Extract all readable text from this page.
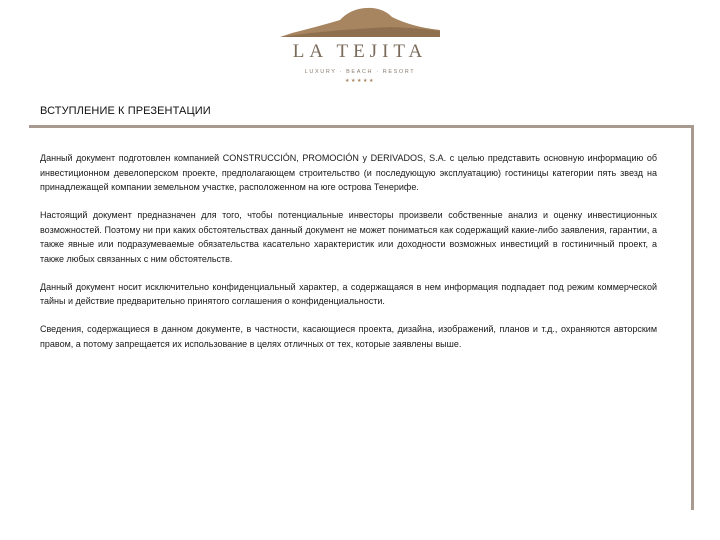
LA TEJITA
LUXURY · BEACH · RESORT
★★★★★
ВСТУПЛЕНИЕ К ПРЕЗЕНТАЦИИ

Данный документ подготовлен компанией CONSTRUCCIÓN, PROMOCIÓN y DERIVADOS, S.A. с целью представить основную информацию об инвестиционном девелоперском проекте, предполагающем строительство (и последующую эксплуатацию) гостиницы категории пять звезд на принадлежащей компании земельном участке, расположенном на юге острова Тенерифе.

Настоящий документ предназначен для того, чтобы потенциальные инвесторы произвели собственные анализ и оценку инвестиционных возможностей. Поэтому ни при каких обстоятельствах данный документ не может пониматься как содержащий какие-либо заявления, гарантии, а также явные или подразумеваемые обязательства касательно характеристик или доходности возможных инвестиций в гостиничный проект, а также любых связанных с ним обстоятельств.

Данный документ носит исключительно конфиденциальный характер, а содержащаяся в нем информация подпадает под режим коммерческой тайны и действие предварительно принятого соглашения о конфиденциальности.

Сведения, содержащиеся в данном документе, в частности, касающиеся проекта, дизайна, изображений, планов и т.д., охраняются авторским правом, а потому запрещается их использование в целях отличных от тех, которые заявлены выше.
